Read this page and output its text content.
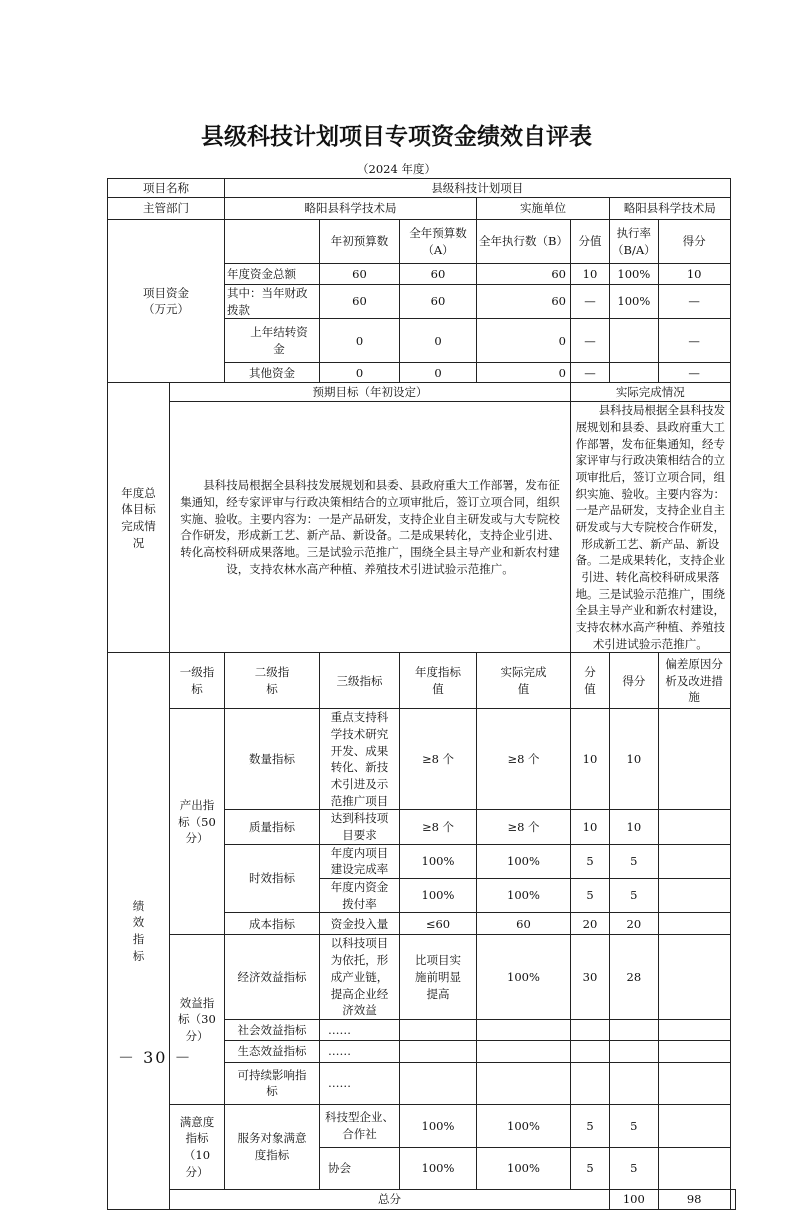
县级科技计划项目专项资金绩效自评表
（2024 年度）
项目名称		县级科技计划项目							
主管部门		略阳县科学技术局			实施单位		略阳县科学技术局		
项目资金
（万元）			年初预算数	全年预算数（A）	全年执行数（B）	分值	执行率（B/A）	得分	
		年度资金总额	60	60	60	10	100%	10	
		其中：当年财政拨款	60	60	60	—	100%	—	
		上年结转资金	0	0	0	—		—	
		其他资金	0	0	0	—		—	
年度总体目标完成情况	预期目标（年初设定）					实际完成情况			
	县科技局根据全县科技发展规划和县委、县政府重大工作部署，发布征集通知，经专家评审与行政决策相结合的立项审批后，签订立项合同，组织实施、验收。主要内容为：一是产品研发，支持企业自主研发或与大专院校合作研发，形成新工艺、新产品、新设备。二是成果转化，支持企业引进、转化高校科研成果落地。三是试验示范推广，围绕全县主导产业和新农村建设，支持农林水高产种植、养殖技术引进试验示范推广。					县科技局根据全县科技发展规划和县委、县政府重大工作部署，发布征集通知，经专家评审与行政决策相结合的立项审批后，签订立项合同，组织实施、验收。主要内容为：一是产品研发，支持企业自主研发或与大专院校合作研发，形成新工艺、新产品、新设备。二是成果转化，支持企业引进、转化高校科研成果落地。三是试验示范推广，围绕全县主导产业和新农村建设，支持农林水高产种植、养殖技术引进试验示范推广。			
绩效指标	一级指标	二级指标	三级指标	年度指标值	实际完成值	分值	得分	偏差原因分析及改进措施	
	产出指标（50分）	数量指标	重点支持科学技术研究开发、成果转化、新技术引进及示范推广项目	≥8 个	≥8 个	10	10		
		质量指标	达到科技项目要求	≥8 个	≥8 个	10	10		
		时效指标	年度内项目建设完成率	100%	100%	5	5		
			年度内资金拨付率	100%	100%	5	5		
		成本指标	资金投入量	≤60	60	20	20		
	效益指标（30分）	经济效益指标	以科技项目为依托，形成产业链，提高企业经济效益	比项目实施前明显提高	100%	30	28		
		社会效益指标	……						
		生态效益指标	……						
		可持续影响指标	……						
	满意度指标（10分）	服务对象满意度指标	科技型企业、合作社	100%	100%	5	5		
			协会	100%	100%	5	5		
	总分						100	98	
－ 30 －
